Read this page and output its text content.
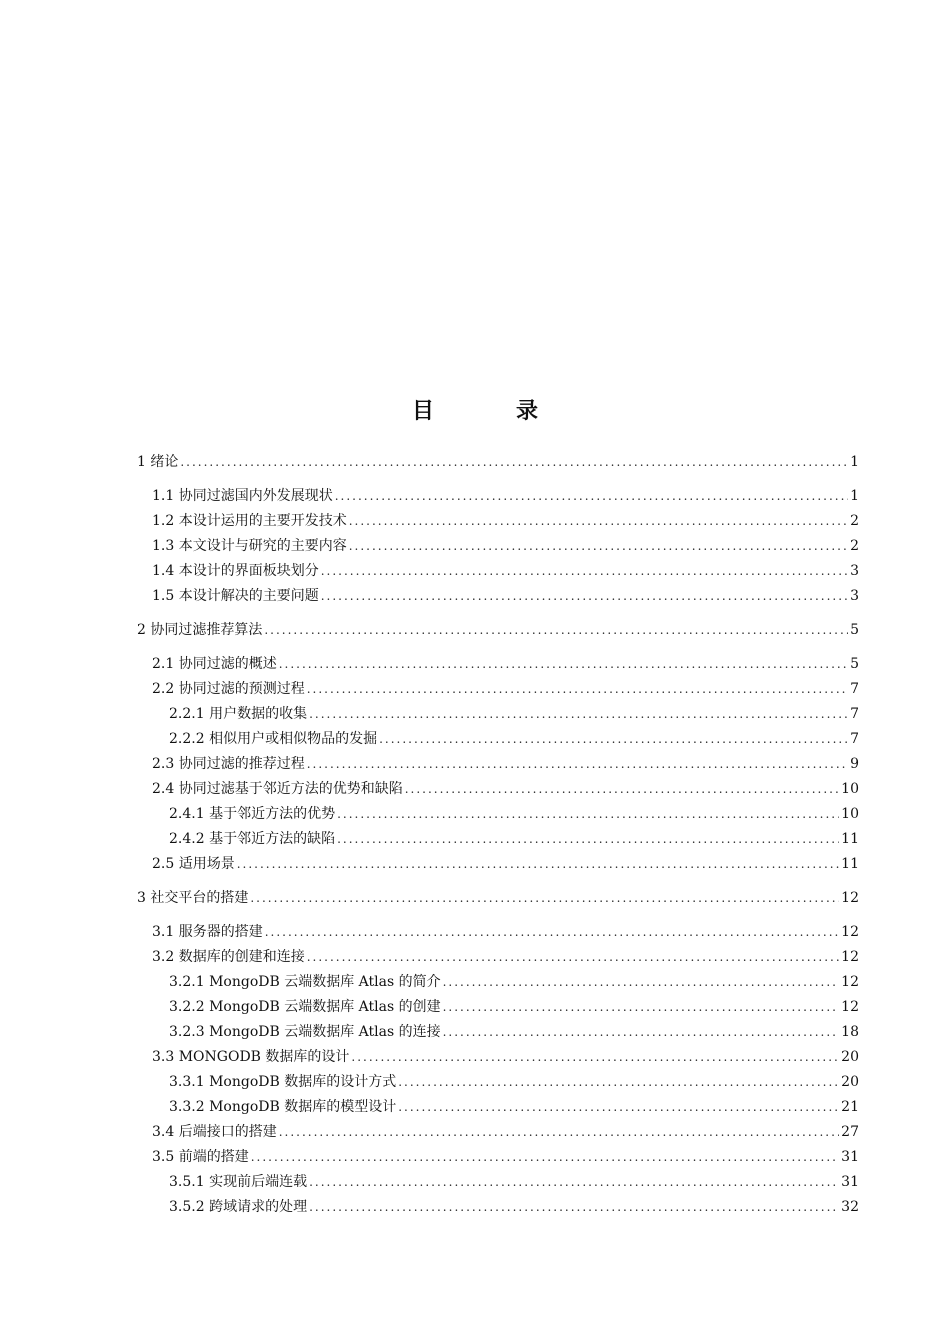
目　录
1 绪论 .....	1
1.1 协同过滤国内外发展现状 .....	1
1.2 本设计运用的主要开发技术 .....	2
1.3 本文设计与研究的主要内容 .....	2
1.4 本设计的界面板块划分 .....	3
1.5 本设计解决的主要问题 .....	3
2 协同过滤推荐算法 .....	5
2.1 协同过滤的概述 .....	5
2.2 协同过滤的预测过程 .....	7
2.2.1 用户数据的收集 .....	7
2.2.2 相似用户或相似物品的发掘 .....	7
2.3 协同过滤的推荐过程 .....	9
2.4 协同过滤基于邻近方法的优势和缺陷 .....	10
2.4.1 基于邻近方法的优势 .....	10
2.4.2 基于邻近方法的缺陷 .....	11
2.5 适用场景 .....	11
3 社交平台的搭建 .....	12
3.1 服务器的搭建 .....	12
3.2 数据库的创建和连接 .....	12
3.2.1 MongoDB 云端数据库 Atlas 的简介 .....	12
3.2.2 MongoDB 云端数据库 Atlas 的创建 .....	12
3.2.3 MongoDB 云端数据库 Atlas 的连接 .....	18
3.3 MONGODB 数据库的设计 .....	20
3.3.1 MongoDB 数据库的设计方式 .....	20
3.3.2 MongoDB 数据库的模型设计 .....	21
3.4 后端接口的搭建 .....	27
3.5 前端的搭建 .....	31
3.5.1 实现前后端连载 .....	31
3.5.2 跨域请求的处理 .....	32
